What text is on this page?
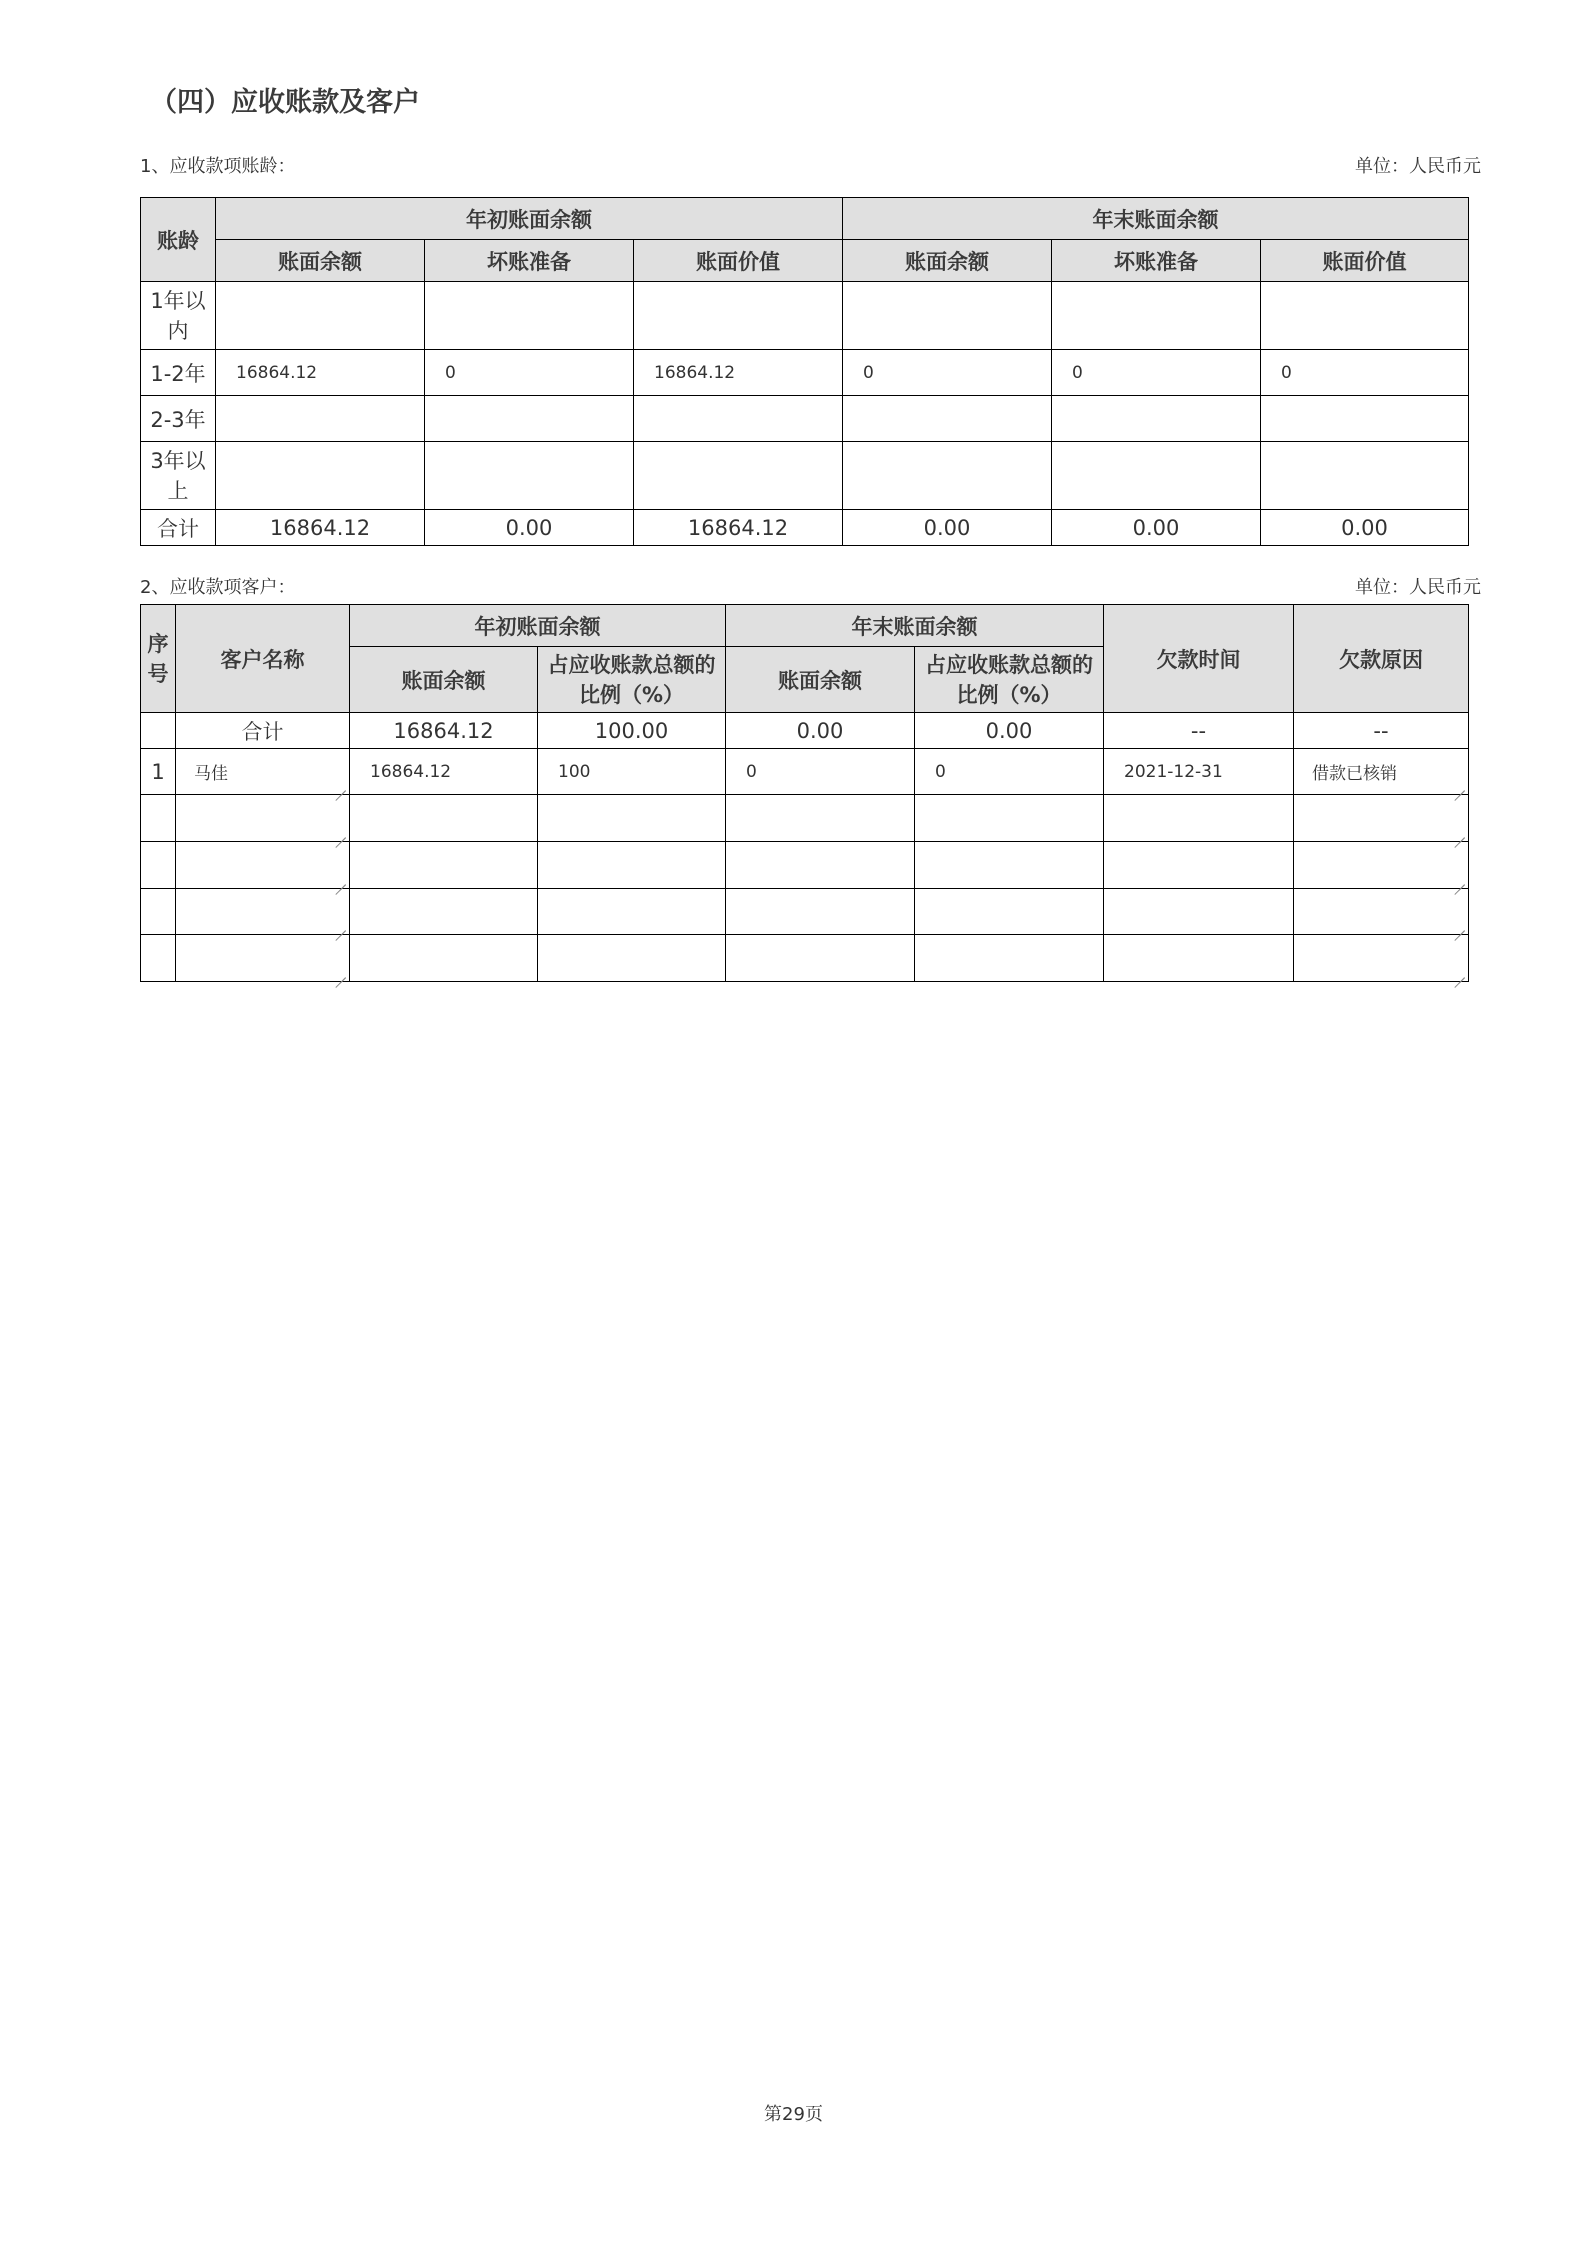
（四）应收账款及客户
1、应收款项账龄：	单位：人民币元
账龄	年初账面余额			年末账面余额		
	账面余额	坏账准备	账面价值	账面余额	坏账准备	账面价值
1年以内						
1-2年	16864.12	0	16864.12	0	0	0
2-3年						
3年以上						
合计	16864.12	0.00	16864.12	0.00	0.00	0.00
2、应收款项客户：	单位：人民币元
序号	客户名称	年初账面余额		年末账面余额		欠款时间	欠款原因
		账面余额	占应收账款总额的比例（%）	账面余额	占应收账款总额的比例（%）		
	合计	16864.12	100.00	0.00	0.00	--	--
1	马佳	16864.12	100	0	0	2021-12-31	借款已核销

第29页
